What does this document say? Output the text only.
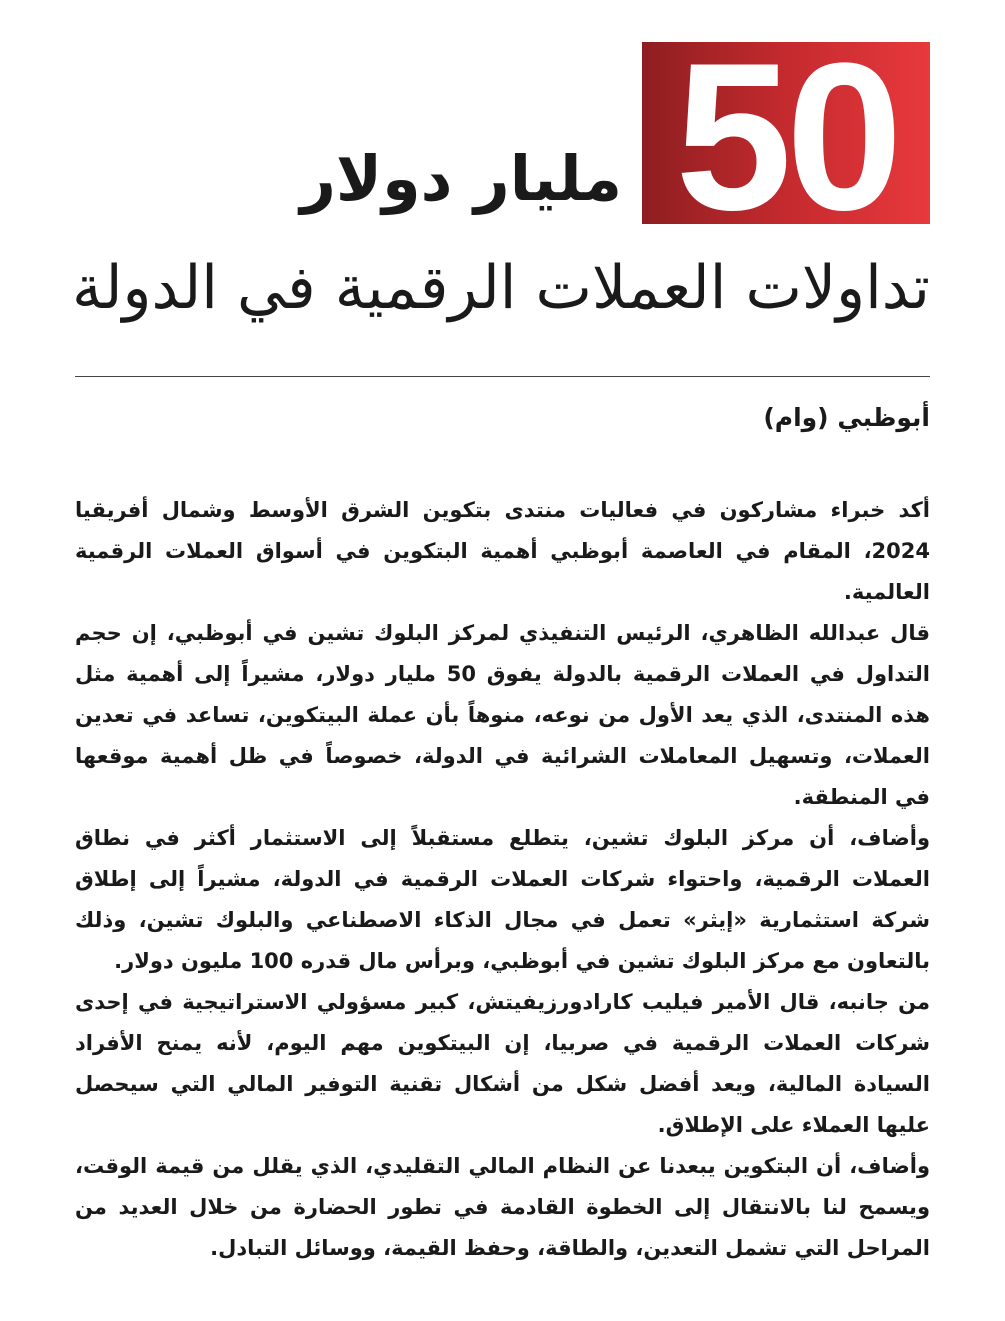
50
مليار دولار
تداولات العملات الرقمية في الدولة
أبوظبي (وام)

أكد خبراء مشاركون في فعاليات منتدى بتكوين الشرق الأوسط وشمال أفريقيا 2024، المقام في العاصمة أبوظبي أهمية البتكوين في أسواق العملات الرقمية العالمية.

قال عبدالله الظاهري، الرئيس التنفيذي لمركز البلوك تشين في أبوظبي، إن حجم التداول في العملات الرقمية بالدولة يفوق 50 مليار دولار، مشيراً إلى أهمية مثل هذه المنتدى، الذي يعد الأول من نوعه، منوهاً بأن عملة البيتكوين، تساعد في تعدين العملات، وتسهيل المعاملات الشرائية في الدولة، خصوصاً في ظل أهمية موقعها في المنطقة.

وأضاف، أن مركز البلوك تشين، يتطلع مستقبلاً إلى الاستثمار أكثر في نطاق العملات الرقمية، واحتواء شركات العملات الرقمية في الدولة، مشيراً إلى إطلاق شركة استثمارية «إيثر» تعمل في مجال الذكاء الاصطناعي والبلوك تشين، وذلك بالتعاون مع مركز البلوك تشين في أبوظبي، وبرأس مال قدره 100 مليون دولار.

من جانبه، قال الأمير فيليب كارادورزيفيتش، كبير مسؤولي الاستراتيجية في إحدى شركات العملات الرقمية في صربيا، إن البيتكوين مهم اليوم، لأنه يمنح الأفراد السيادة المالية، ويعد أفضل شكل من أشكال تقنية التوفير المالي التي سيحصل عليها العملاء على الإطلاق.

وأضاف، أن البتكوين يبعدنا عن النظام المالي التقليدي، الذي يقلل من قيمة الوقت، ويسمح لنا بالانتقال إلى الخطوة القادمة في تطور الحضارة من خلال العديد من المراحل التي تشمل التعدين، والطاقة، وحفظ القيمة، ووسائل التبادل.
